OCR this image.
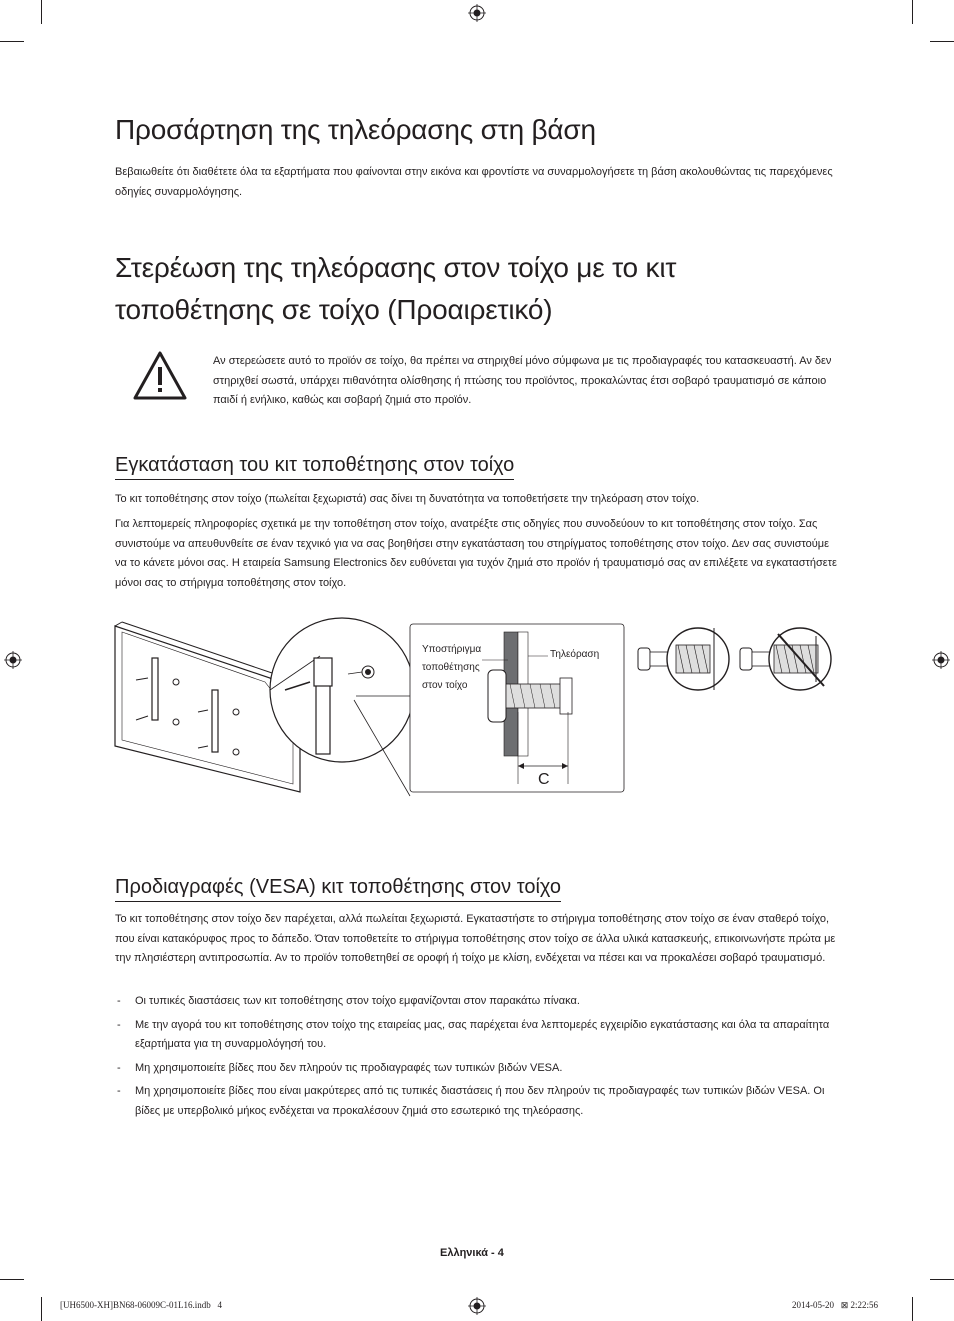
Προσάρτηση της τηλεόρασης στη βάση

Βεβαιωθείτε ότι διαθέτετε όλα τα εξαρτήματα που φαίνονται στην εικόνα και φροντίστε να συναρμολογήσετε τη βάση ακολουθώντας τις παρεχόμενες οδηγίες συναρμολόγησης.

Στερέωση της τηλεόρασης στον τοίχο με το κιτ
τοποθέτησης σε τοίχο (Προαιρετικό)

Αν στερεώσετε αυτό το προϊόν σε τοίχο, θα πρέπει να στηριχθεί μόνο σύμφωνα με τις προδιαγραφές του κατασκευαστή. Αν δεν στηριχθεί σωστά, υπάρχει πιθανότητα ολίσθησης ή πτώσης του προϊόντος, προκαλώντας έτσι σοβαρό τραυματισμό σε κάποιο παιδί ή ενήλικο, καθώς και σοβαρή ζημιά στο προϊόν.

Εγκατάσταση του κιτ τοποθέτησης στον τοίχο

Το κιτ τοποθέτησης στον τοίχο (πωλείται ξεχωριστά) σας δίνει τη δυνατότητα να τοποθετήσετε την τηλεόραση στον τοίχο.

Για λεπτομερείς πληροφορίες σχετικά με την τοποθέτηση στον τοίχο, ανατρέξτε στις οδηγίες που συνοδεύουν το κιτ τοποθέτησης στον τοίχο. Σας συνιστούμε να απευθυνθείτε σε έναν τεχνικό για να σας βοηθήσει στην εγκατάσταση του στηρίγματος τοποθέτησης στον τοίχο. Δεν σας συνιστούμε να το κάνετε μόνοι σας. Η εταιρεία Samsung Electronics δεν ευθύνεται για τυχόν ζημιά στο προϊόν ή τραυματισμό σας αν επιλέξετε να εγκαταστήσετε μόνοι σας το στήριγμα τοποθέτησης στον τοίχο.

Υποστήριγμα
τοποθέτησης
στον τοίχο
Τηλεόραση
C
Προδιαγραφές (VESA) κιτ τοποθέτησης στον τοίχο

Το κιτ τοποθέτησης στον τοίχο δεν παρέχεται, αλλά πωλείται ξεχωριστά. Εγκαταστήστε το στήριγμα τοποθέτησης στον τοίχο σε έναν σταθερό τοίχο, που είναι κατακόρυφος προς το δάπεδο. Όταν τοποθετείτε το στήριγμα τοποθέτησης στον τοίχο σε άλλα υλικά κατασκευής, επικοινωνήστε πρώτα με την πλησιέστερη αντιπροσωπία. Αν το προϊόν τοποθετηθεί σε οροφή ή τοίχο με κλίση, ενδέχεται να πέσει και να προκαλέσει σοβαρό τραυματισμό.

- Οι τυπικές διαστάσεις των κιτ τοποθέτησης στον τοίχο εμφανίζονται στον παρακάτω πίνακα.
- Με την αγορά του κιτ τοποθέτησης στον τοίχο της εταιρείας μας, σας παρέχεται ένα λεπτομερές εγχειρίδιο εγκατάστασης και όλα τα απαραίτητα εξαρτήματα για τη συναρμολόγησή του.
- Μη χρησιμοποιείτε βίδες που δεν πληρούν τις προδιαγραφές των τυπικών βιδών VESA.
- Μη χρησιμοποιείτε βίδες που είναι μακρύτερες από τις τυπικές διαστάσεις ή που δεν πληρούν τις προδιαγραφές των τυπικών βιδών VESA. Οι βίδες με υπερβολικό μήκος ενδέχεται να προκαλέσουν ζημιά στο εσωτερικό της τηλεόρασης.
Ελληνικά - 4
[UH6500-XH]BN68-06009C-01L16.indb   4	2014-05-20   ⊠ 2:22:56
